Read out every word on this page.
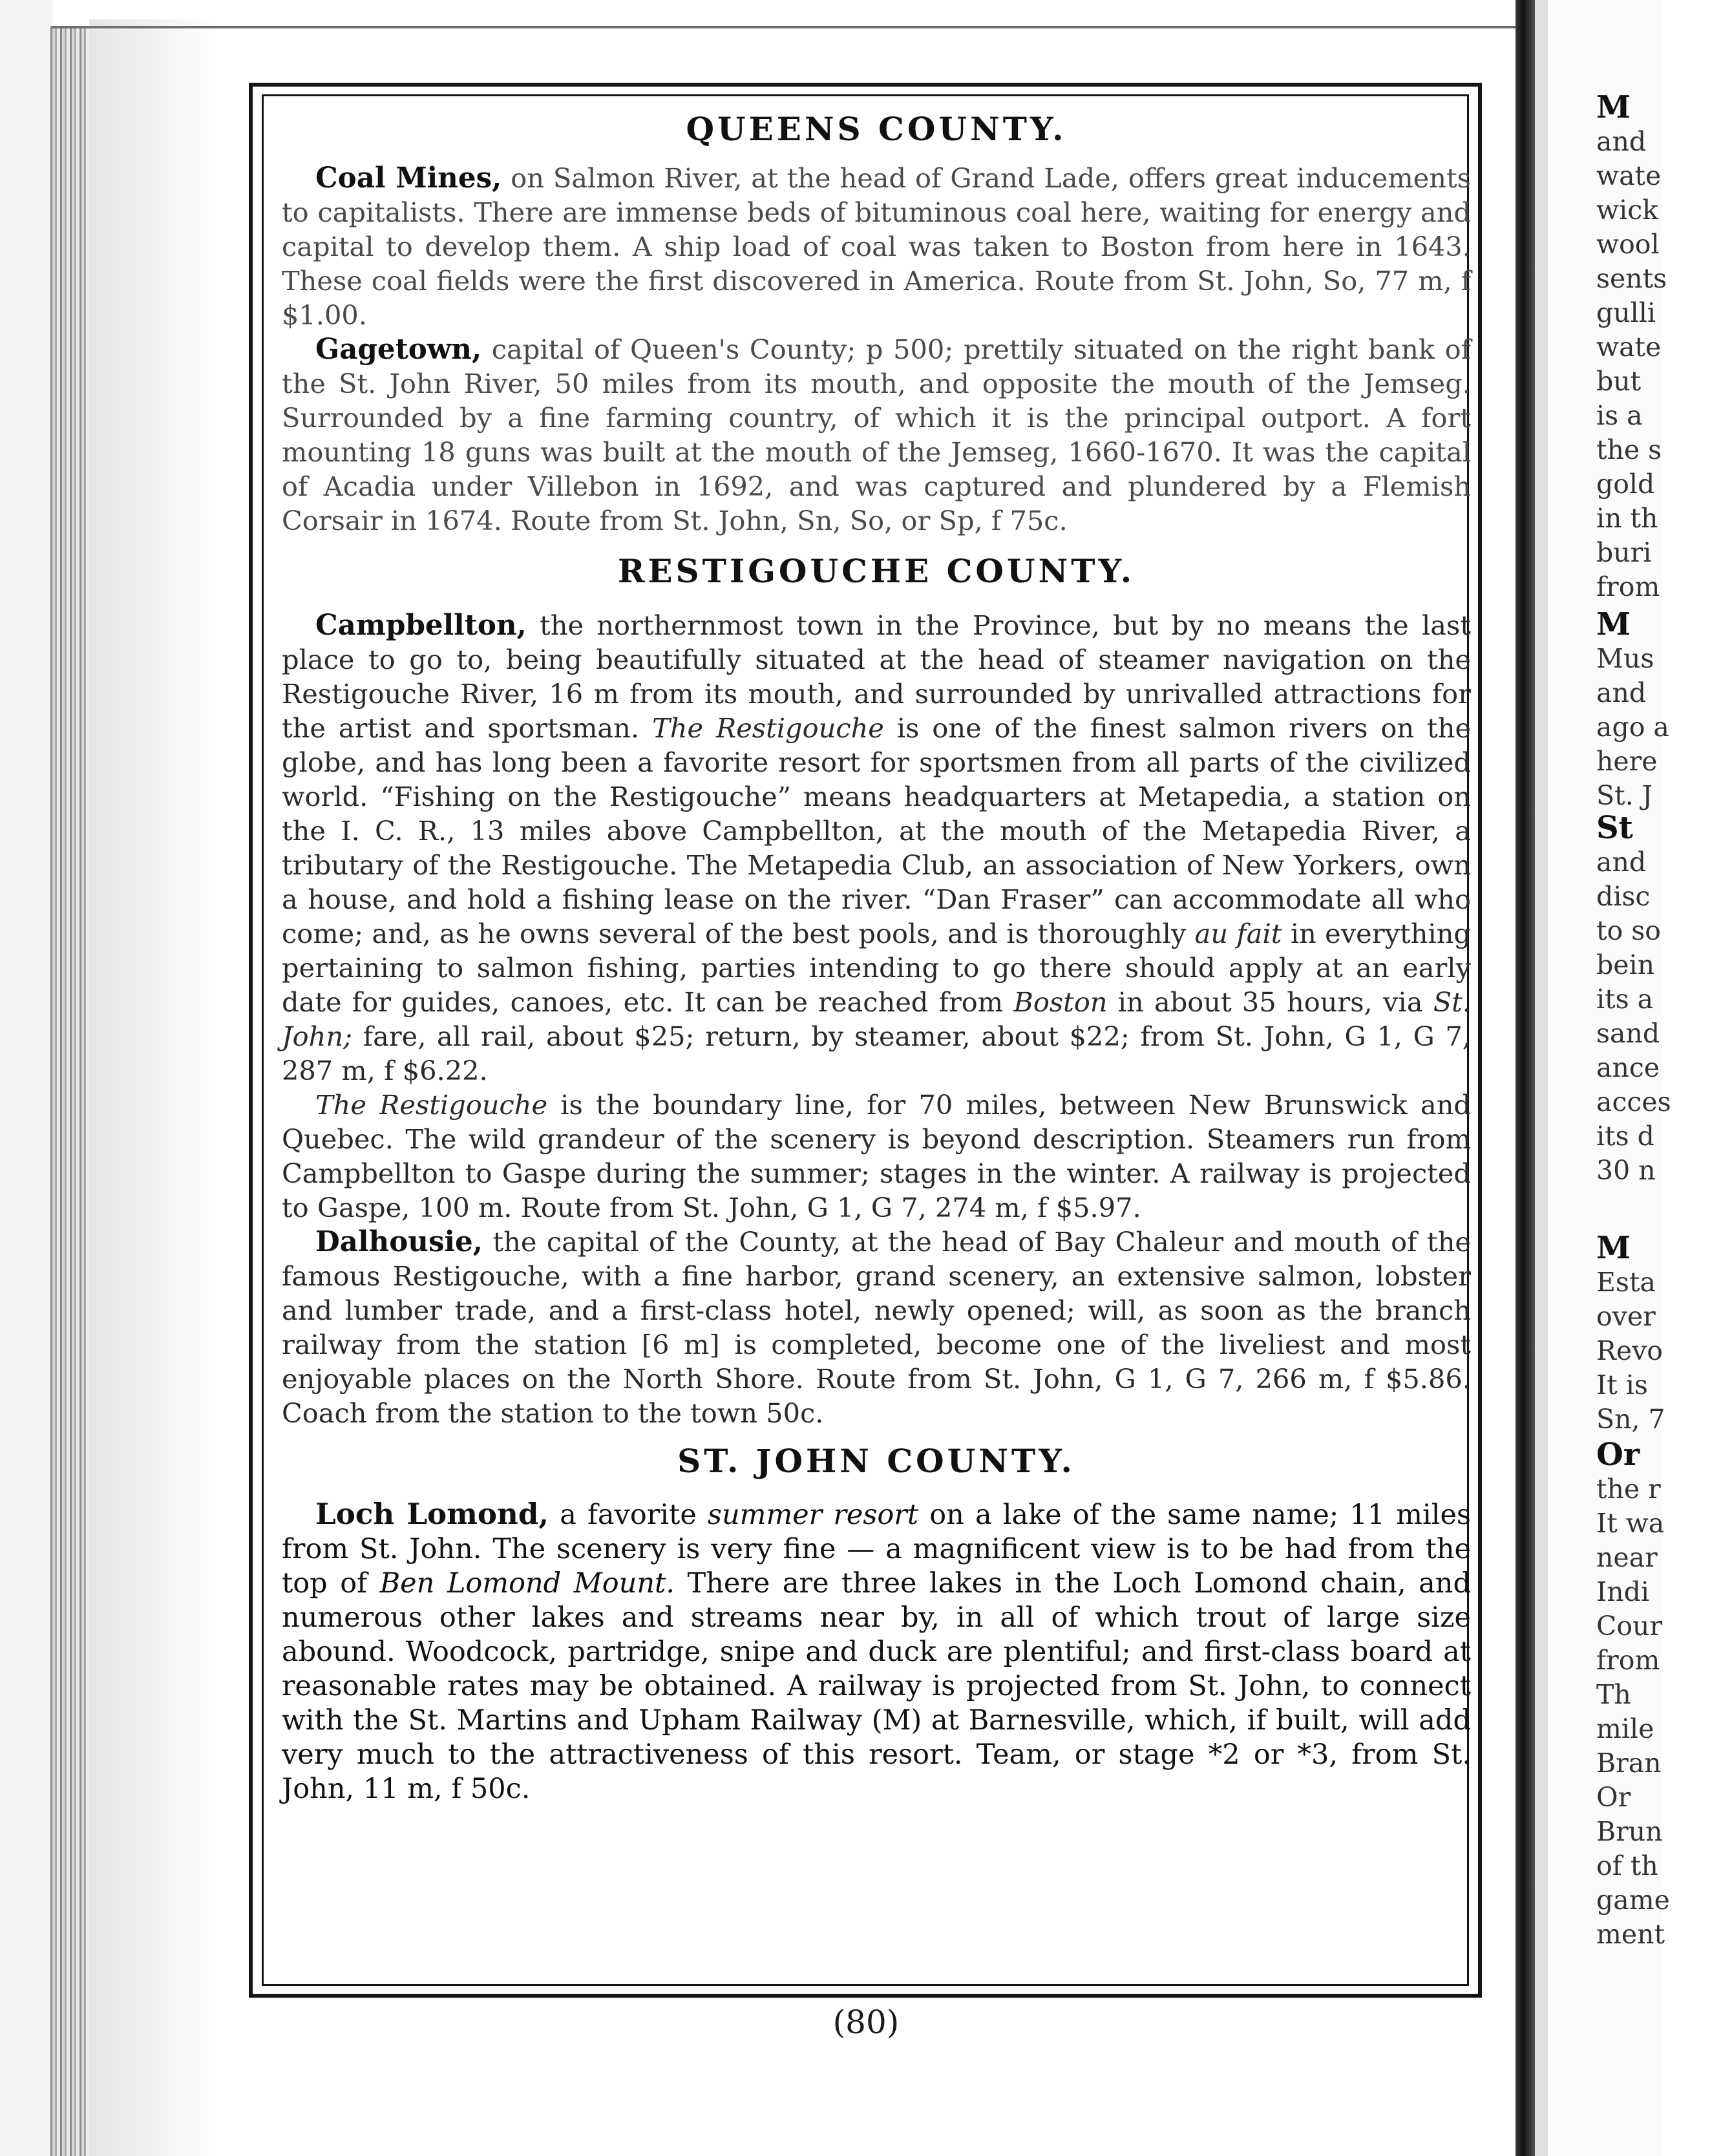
QUEENS COUNTY.

Coal Mines, on Salmon River, at the head of Grand Lade, offers great inducements to capitalists. There are immense beds of bituminous coal here, waiting for energy and capital to develop them. A ship load of coal was taken to Boston from here in 1643. These coal fields were the first discovered in America. Route from St. John, So, 77 m, f $1.00.

Gagetown, capital of Queen's County; p 500; prettily situated on the right bank of the St. John River, 50 miles from its mouth, and opposite the mouth of the Jemseg. Surrounded by a fine farming country, of which it is the principal outport. A fort mounting 18 guns was built at the mouth of the Jemseg, 1660-1670. It was the capital of Acadia under Villebon in 1692, and was captured and plundered by a Flemish Corsair in 1674. Route from St. John, Sn, So, or Sp, f 75c.

RESTIGOUCHE COUNTY.

Campbellton, the northernmost town in the Province, but by no means the last place to go to, being beautifully situated at the head of steamer navigation on the Restigouche River, 16 m from its mouth, and surrounded by unrivalled attractions for the artist and sportsman. The Restigouche is one of the finest salmon rivers on the globe, and has long been a favorite resort for sportsmen from all parts of the civilized world. “Fishing on the Restigouche” means headquarters at Metapedia, a station on the I. C. R., 13 miles above Campbellton, at the mouth of the Metapedia River, a tributary of the Restigouche. The Metapedia Club, an association of New Yorkers, own a house, and hold a fishing lease on the river. “Dan Fraser” can accommodate all who come; and, as he owns several of the best pools, and is thoroughly au fait in everything pertaining to salmon fishing, parties intending to go there should apply at an early date for guides, canoes, etc. It can be reached from Boston in about 35 hours, via St. John; fare, all rail, about $25; return, by steamer, about $22; from St. John, G 1, G 7, 287 m, f $6.22.

The Restigouche is the boundary line, for 70 miles, between New Brunswick and Quebec. The wild grandeur of the scenery is beyond description. Steamers run from Campbellton to Gaspe during the summer; stages in the winter. A railway is projected to Gaspe, 100 m. Route from St. John, G 1, G 7, 274 m, f $5.97.

Dalhousie, the capital of the County, at the head of Bay Chaleur and mouth of the famous Restigouche, with a fine harbor, grand scenery, an extensive salmon, lobster and lumber trade, and a first-class hotel, newly opened; will, as soon as the branch railway from the station [6 m] is completed, become one of the liveliest and most enjoyable places on the North Shore. Route from St. John, G 1, G 7, 266 m, f $5.86. Coach from the station to the town 50c.

ST. JOHN COUNTY.

Loch Lomond, a favorite summer resort on a lake of the same name; 11 miles from St. John. The scenery is very fine — a magnificent view is to be had from the top of Ben Lomond Mount. There are three lakes in the Loch Lomond chain, and numerous other lakes and streams near by, in all of which trout of large size abound. Woodcock, partridge, snipe and duck are plentiful; and first-class board at reasonable rates may be obtained. A railway is projected from St. John, to connect with the St. Martins and Upham Railway (M) at Barnesville, which, if built, will add very much to the attractiveness of this resort. Team, or stage *2 or *3, from St. John, 11 m, f 50c.

(80)
M
and
wate
wick
wool
sents
gulli
wate
but
is a
the s
gold
in th
buri
from
M
Mus
and
ago a
here
St. J
St
and
disc
to so
bein
its a
sand
ance
acces
its d
30 n
M
Esta
over
Revo
It is
Sn, 7
Or
the r
It wa
near
Indi
Cour
from
Th
mile
Bran
Or
Brun
of th
game
ment
